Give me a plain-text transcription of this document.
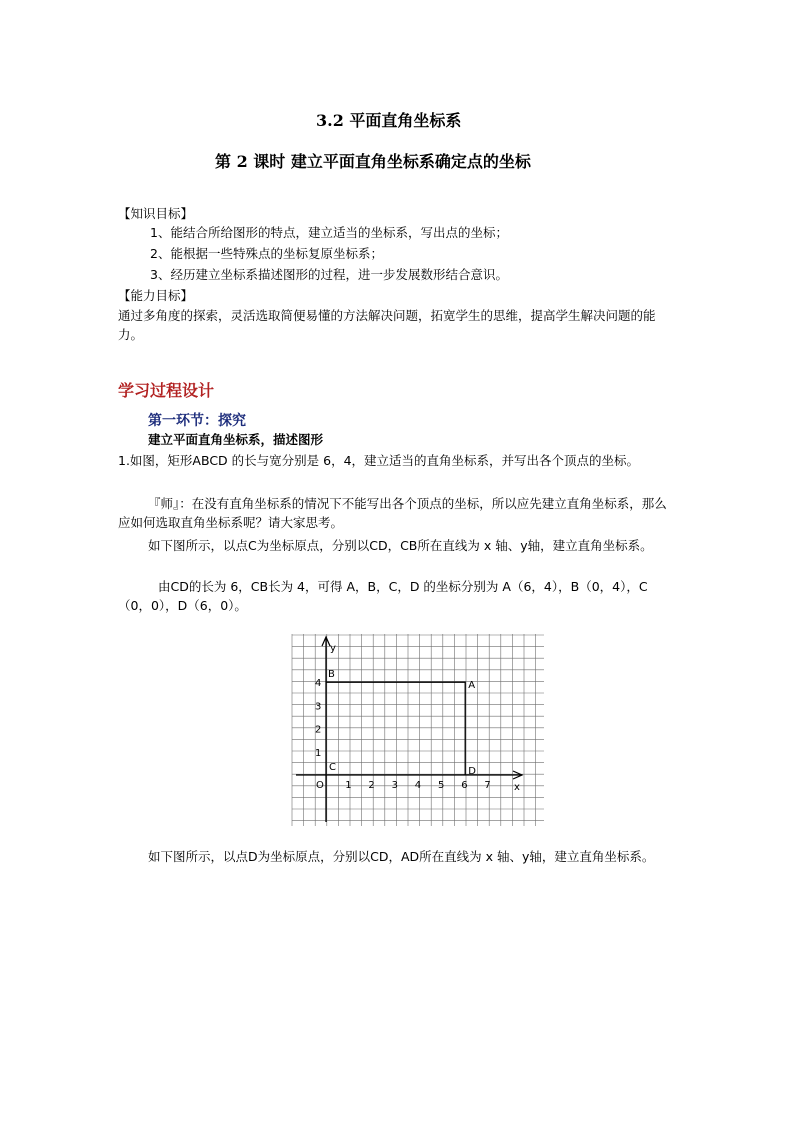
3.2 平面直角坐标系
第 2 课时 建立平面直角坐标系确定点的坐标
【知识目标】
1、能结合所给图形的特点，建立适当的坐标系，写出点的坐标；
2、能根据一些特殊点的坐标复原坐标系；
3、经历建立坐标系描述图形的过程，进一步发展数形结合意识。
【能力目标】
通过多角度的探索，灵活选取简便易懂的方法解决问题，拓宽学生的思维，提高学生解决问题的能力。
学习过程设计
第一环节：探究
建立平面直角坐标系，描述图形
1.如图，矩形ABCD 的长与宽分别是 6，4，建立适当的直角坐标系，并写出各个顶点的坐标。
『师』：在没有直角坐标系的情况下不能写出各个顶点的坐标，所以应先建立直角坐标系，那么应如何选取直角坐标系呢？请大家思考。
如下图所示，以点C为坐标原点，分别以CD，CB所在直线为 x 轴、y轴，建立直角坐标系。
由CD的长为 6，CB长为 4，可得 A，B，C，D 的坐标分别为 A（6，4），B（0，4），C（0，0），D（6，0）。
1 2 3 4 5 6 7
1
2
3
4
O	x
y
A
B
C	D
如下图所示，以点D为坐标原点，分别以CD，AD所在直线为 x 轴、y轴，建立直角坐标系。
